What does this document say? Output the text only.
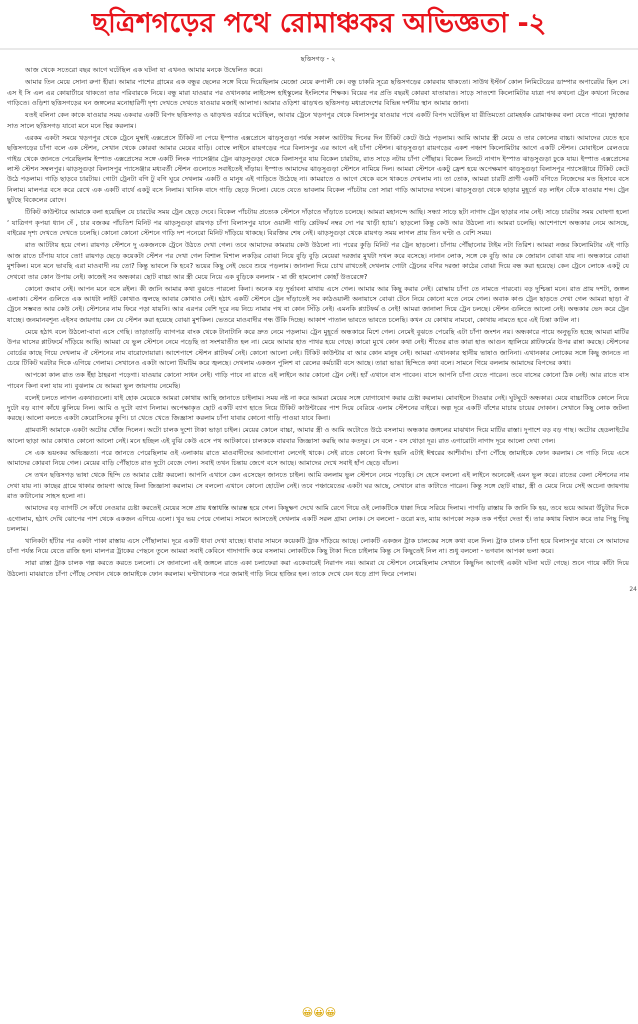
ছত্রিশগড়ের পথে রোমাঞ্চকর অভিজ্ঞতা -২
ছত্তিসগড় - ২

আজ থেকে সতেরো বছর আগে ঘটেছিল এক ঘটনা যা এখনও আমার মনকে উদ্বেলিত করে।

আমার তিন মেয়ে সোনা রুপা হীরা। আমার পাশের গ্রামের এক বন্ধুর ছেলের সঙ্গে বিয়ে দিয়েছিলাম মেজো মেয়ে রুপালী কে। বন্ধু চাকরি সূত্রে ছত্তিসগড়ের কোরবায় থাকতো। সাউথ ইস্টার্ন কোল লিমিটেডের ডাম্পার অপারেটর ছিল সে। এস ই সি এল এর কোয়ার্টারে থাকতো তার পরিবারকে নিয়ে। বন্ধু মারা যাওয়ার পর ওখানকার লাইসেন্স হাইস্কুলের ইংলিশের শিক্ষক। বিয়ের পর প্রতি বছরই কোরবা যাতায়াত। সাড়ে সাতশো কিলোমিটার যাত্রা পথ কখনো ট্রেন কখনো নিজের গাড়িতে। ওড়িশা ছত্তিসগড়ের ঘন জঙ্গলের মনোহারিণী দৃশ্য দেখতে দেখতে যাওয়ার মজাই আলাদা। আমার ওড়িশা ঝাড়খণ্ড ছত্তিসগড় মধ্যপ্রদেশের বিভিন্ন দর্শনীয় স্থান আমার জানা।

যতই বলিনা কেন কাকে যাওয়ার সময় একবার একটি বিপদ ছত্তিসগড় ও ঝাড়খণ্ড বর্ডারে ঘটেছিল, আবার ট্রেনে খড়গপুর থেকে বিলাসপুর যাওয়ার পথে একটি বিপদ ঘটেছিল যা রীতিমতো রোমহর্ষক রোমাঞ্চকর বলা যেতে পারে। দুহাজার সাত সালে ছত্তিসগড় যাবো মনে মনে স্থির করলাম।

এরকম একটা সময়ে খড়গপুর থেকে ট্রেনে মুম্বাই এক্সপ্রেসে টিকিট না পেয়ে ইস্পাত এক্সপ্রেসে ঝাড়সুগুড়া পর্যন্ত সকাল আটটায় দিনের দিন টিকিট কেটে উঠে পড়লাম। আমি আমার স্ত্রী মেয়ে ও তার কোলের বাচ্চা। আমাদের যেতে হবে ছত্তিসগড়ের চাঁপা বলে এক স্টেশন, সেখান থেকে কোরবা আমার মেয়ের বাড়ি। বোম্বে লাইনে রায়গড়ের পরে বিলাসপুর এর আগে এই চাঁপা স্টেশন। ঝাড়সুগুড়া রায়গড়ের একশ পঞ্চাশ কিলোমিটার আগে একটি স্টেশন। মোবাইলে রেলওয়ে গাইড থেকে জানতে পেরেছিলাম ইস্পাত এক্সপ্রেসের সঙ্গে একটি লিংক প্যাসেঞ্জার ট্রেন ঝাড়সুগুড়া থেকে বিলাসপুর যায় বিকেল চারটায়, রাত সাড়ে নটায় চাঁপা পৌঁছায়। বিকেল তিনটে নাগাদ ইস্পাত ঝাড়সুগুড়া ঢুকে যায়। ইস্পাত এক্সপ্রেসের লাস্ট স্টেশন সম্বলপুর। ঝাড়সুগুড়া বিলাসপুর প্যাসেঞ্জার মধ্যবর্তী স্টেশন গুলোতে সবাইতেই দাঁড়ায়। ইস্পাত আমাদের ঝাড়সুগুড়া স্টেশনে নামিয়ে দিল। আমরা স্টেশনে একটু ফ্রেশ হয়ে অপেক্ষমাণ ঝাড়সুগুড়া বিলাসপুর প্যাসেঞ্জারে টিকিট কেটে উঠে পড়লাম। গাড়ি ছাড়বে চারটায়। গোটা ট্রেনটা বগি টু বগি ঘুরে দেখলাম একটি ও মানুষ এই গাড়িতে উঠেছে না। কামরাতে ও আগে থেকে বসে থাকতে দেখলাম না। তা তোক, আমরা চারটি প্রাণী একটি বগিতে নিজেদের মত হিসাবে বসে নিলাম। মালপত্র বসে করে রেখে এক একটি বার্থে একটু বসে নিলাম। খানিক বাদে গাড়ি ছেড়ে দিলো। যেতে যেতে ভাবলাম বিকেল পাঁচটায় তো সারা গাড়ি আমাদের দখলে। ঝাড়সুগুড়া থেকে ছাড়ার মুহূর্তে বড় লাইন বেঁকে যাওয়ার শব্দ। ট্রেন ছুটছে বিকেলের রোদে।

টিকিট কাউন্টারে আমাকে বলা হয়েছিল যে চারটের সময় ট্রেন ছেড়ে দেবে। বিকেল পাঁচটায় প্রত্যেক স্টেশনে দাঁড়াতে দাঁড়াতে চলেছে। আমরা মহানন্দে আছি। সন্ধ্যা সাড়ে ছটা নাগাদ ট্রেন ছাড়ার নাম নেই। সাড়ে চারটার সময় ঘোষণা হলো ‘ যাত্রিগণ কৃপয়া ধ্যান দেঁ , চার বজকর পাঁচতিশ মিনিট পর ঝাড়সুগুড়া রায়গড় চাঁপা বিলাসপুর যানে ওয়ালী গাড়ি প্লেটফর্ম নম্বর দো পর খাড়ী হ্যায়’। ছাড়লো কিন্তু কেউ আর উঠলো না। আমরা চলেছি। আশেপাশে অন্ধকার নেমে আসছে, বাইরের দৃশ্য দেখতে দেখতে চলেছি। কোনো কোনো স্টেশনে গাড়ি দশ পনেরো মিনিট দাঁড়িয়ে থাকছে। বিরক্তির শেষ নেই। ঝাড়সুগুড়া থেকে রায়গড় সময় লাগল প্রায় তিন ঘণ্টা ও বেশি সময়।

রাত আটটায় হয়ে গেল। রায়গড় স্টেশনে দু একজনকে ট্রেনে উঠতে দেখা গেল। তবে আমাদের কামরায় কেউ উঠলো না। পরের কুড়ি মিনিট পর ট্রেন ছাড়লো। চাঁপায় পৌঁছানোর টাইম নটা তিরিশ। আমরা নজর কিলোমিটার এই গাড়ি আজ রাতে চাঁপায় যাবে তো! রায়গড় ছেড়ে কয়েকটা স্টেশন পর দেখা গেল বিশাল বিশাল লকড়ির বোঝা নিয়ে বুড়ি বুড়ি মেয়েরা দরজার মুখটা দখল করে বসেছে। নানান লোক, সঙ্গে কে বুড়ি আর কে জোয়ান বোঝা যায় না। অন্ধকারে বোঝা মুশকিল। মনে মনে ভাবছি এরা মাওবাদী নয় তো? কিন্তু ভাবলে কি হবে? ভয়ের কিছু নেই ভেবে শুয়ে পড়লাম। জানালা দিয়ে চোখ রাখতেই দেখলাম গোটা ট্রেনের বগির দরজা কাঠের বোঝা দিয়ে বন্ধ করা হয়েছে। কেন ট্রেনে লোকে একটু যে দেখবো তার কোন উপায় নেই। কাজেই সব অন্ধকার। ছোট বাচ্চা আর স্ত্রী মেয়ে নিয়ে এক বুড়িকে বললাম - মা জী হামলোগ কোহাঁ উতরেঙ্গে?

কোনো জবাব নেই। আপন মনে বসে রইল। কী জানি আমার কথা বুঝতে পারলো কিনা। অনেক বড় দুর্ভাবনা মাথায় এসে গেল। আমার আর কিছু করার নেই। রোদ্ধায় চাঁপা তে নামতে পারবো। বড় দুশ্চিন্তা মনে। রাত প্রায় দশটা, জঙ্গল এলাকা। স্টেশন গুলিতে এক আধটা লাইট কোথাও জ্বলছে আবার কোথাও নেই। হঠাৎ একটি স্টেশনে ট্রেন দাঁড়াতেই সব কাঠওয়ালী অনায়াসে বোঝা টেনে নিয়ে কোনো মতে নেমে গেল। অবাক কাণ্ড ট্রেন ছাড়তে দেখা গেল আমরা ছাড়া ঐ ট্রেনে সম্ভবত আর কেউ নেই। স্টেশনের নাম ফিরে পড়া যায়নি। আর এরপর বেশি দূরে নয় নিচে নামার পথ বা কোন সিঁড়ি নেই। এমনকি প্ল্যাটফর্ম ও নেই! আমরা জানালা দিয়ে ট্রেন চলছে। স্টেশন গুলিতে আলো নেই। অন্ধকার ভেদ করে ট্রেন যাচ্ছে। জনমানবশূন্য এইসব জায়গায় কেন যে স্টেশন করা হয়েছে বোঝা মুশকিল। ভেতরে মাওবাদীর গন্ধ উঁকি দিচ্ছে। আকাশ পাতাল ভাবতে ভাবতে চলেছি। কখন যে কোথায় নামবো, কোথায় নামতে হবে এই চিন্তা কাটল না।

মেয়ে হঠাৎ বলে উঠলো-বাবা এসে গেছি। তাড়াতাড়ি ব্যাগপত্র বাংক থেকে টানাটানি করে দ্রুত নেমে পড়লাম। ট্রেন মুহূর্তে অন্ধকারে মিশে গেল। নেমেই বুঝতে পেরেছি এটা চাঁপা জংশন নয়। অন্ধকারে পায়ে অনুভূতি হচ্ছে আমরা মাটির উপর ঘাসের প্লাটফর্মে দাঁড়িয়ে আছি। আমরা যে ভুল স্টেশনে নেমে পড়েছি তা সংশয়াতীত হল না। মেয়ে আমার হাত পাথর হয়ে গেছে। কারো মুখে কোন কথা নেই। শীতের রাত কারা হাত আগুন জ্বালিয়ে প্লাটফর্মের উপর রান্না করছে। স্টেশনের বোর্ডের কাছে গিয়ে দেখলাম ঐ স্টেশনের নাম বারোদোয়ারা। আশেপাশে স্টেশন প্লাটফর্ম নেই। কোনো আলো নেই। টিকিট কাউন্টার বা আর কোন মানুষ নেই। আমরা এখানকার স্থানীয় ভাষাও জানিনা। এখানকার লোকের সঙ্গে কিছু জানতে না চেয়ে টিকিট ঘরটার দিকে এগিয়ে গেলাম। সেখানেও একটা আলো টিমটিম করে জ্বলছে। দেখলাম একজন পুলিশ বা রেলের কর্মচারী বসে আছে। তারা ভাঙা হিন্দিতে কথা বলে। সামনে গিয়ে বললাম আমাদের বিপদের কথা।

আপকো কাল রাত তক ইঁহা ঠাহরনা পড়েগা। যাওয়ার কোনো সাধন নেই। গাড়ি পাবে না রাতে এই লাইনে আর কোনো ট্রেন নেই। হ্যাঁ এখানে বাস পাবেন। বাসে আপনি চাঁপা যেতে পারেন। তবে বাসের কোনো ঠিক নেই। আর রাতে বাস পাবেন কিনা বলা যায় না। বুঝলাম যে আমরা ভুল জায়গায় নেমেছি।

বলেই চলতে লাগল একথাগুলো। যাই হোক মেয়েকে আমরা কোথায় আছি জানাতে চাইলাম। সময় নষ্ট না করে আমরা মেয়ের সঙ্গে যোগাযোগ করার চেষ্টা করলাম। মোবাইলে টাওয়ার নেই। ঘুটঘুটে অন্ধকার। মেয়ে বাচ্চাটিকে কোলে নিয়ে দুটো বড় ব্যাগ কাঁধে ঝুলিয়ে নিল। আমি ও দুটো ব্যাগ নিলাম। অপেক্ষাকৃত ছোট একটি ব্যাগ হাতে নিয়ে টিকিট কাউন্টারের পাশ দিয়ে বেরিয়ে এলাম স্টেশনের বাইরে। অল্প দূরে একটি বাঁশের মাচায় চায়ের দোকান। সেখানে কিছু লোক জটলা করছে। আলো বলতে একটা কেরোসিনের কুপি। চা খেতে খেতে জিজ্ঞাসা করলাম চাঁপা যাবার কোনো গাড়ি পাওয়া যাবে কিনা।

গ্রামবাসী আমাকে একটা অটোর খোঁজ দিলেন। অটো চালক দুশো টাকা ভাড়া চাইল। মেয়ের কোলে বাচ্চা, আমার স্ত্রী ও আমি অটোতে উঠে বসলাম। অন্ধকার জঙ্গলের মাঝখান দিয়ে মাটির রাস্তা। দুপাশে বড় বড় গাছ। অটোর হেডলাইটের আলো ছাড়া আর কোথাও কোনো আলো নেই। মনে হচ্ছিল এই বুঝি কেউ এসে পথ আটকাবে। চালককে বারবার জিজ্ঞাসা করছি আর কতদূর। সে বলে - বস থোড়া দূর। রাত এগারোটা নাগাদ দূরে আলো দেখা গেল।

সে এক ভয়ংকর অভিজ্ঞতা। পরে জানতে পেরেছিলাম ওই এলাকায় রাতে মাওবাদীদের আনাগোনা লেগেই থাকে। সেই রাতে কোনো বিপদ হয়নি এটাই ঈশ্বরের আশীর্বাদ। চাঁপা পৌঁছে জামাইকে ফোন করলাম। সে গাড়ি নিয়ে এসে আমাদের কোরবা নিয়ে গেল। মেয়ের বাড়ি পৌঁছাতে রাত দুটো বেজে গেল। সবাই তখন চিন্তায় জেগে বসে আছে। আমাদের দেখে সবাই হাঁপ ছেড়ে বাঁচল।

সে তখন ছত্তিসগড় ভাষা থেকে হিন্দি তে আমার চেষ্টা করলো। আপনি এখানে কেন এসেছেন জানতে চাইল। আমি বললাম ভুল স্টেশনে নেমে পড়েছি। সে হেসে বললো এই লাইনে অনেকেই এমন ভুল করে। রাতের বেলা স্টেশনের নাম দেখা যায় না। কাছের গ্রামে থাকার জায়গা আছে কিনা জিজ্ঞাসা করলাম। সে বললো এখানে কোনো হোটেল নেই। তবে পঞ্চায়েতের একটা ঘর আছে, সেখানে রাত কাটাতে পারেন। কিন্তু সঙ্গে ছোট বাচ্চা, স্ত্রী ও মেয়ে নিয়ে সেই অচেনা জায়গায় রাত কাটানোর সাহস হলো না।

আমাদের বড় ব্যাগটি সে কাঁধে নেওয়ার চেষ্টা করতেই মেয়ের সঙ্গে প্রায় ধস্তাধস্তি আরম্ভ হয়ে গেল। কিছুক্ষণ দেখে আমি রেগে গিয়ে ওই লোকটিকে ধাক্কা দিয়ে সরিয়ে দিলাম। পাগড়ি রাস্তায় কি জানি কি হয়, তবে ভয়ে আমরা উঁচুটার দিকে এগোলাম, হঠাৎ দেখি ঝোপের পাশ থেকে একজন এগিয়ে এলো। খুব ভয় পেয়ে গেলাম। সামনে আসতেই দেখলাম একটি সরল গ্রাম্য লোক। সে বললো - ডরো মত, ম্যায় আপকো সড়ক তক পহুঁচা দেতা হুঁ। তার কথায় বিশ্বাস করে তার পিছু পিছু চললাম।

খানিকটা হাঁটার পর একটা পাকা রাস্তায় এসে পৌঁছালাম। দূরে একটি ধাবা দেখা যাচ্ছে। ধাবার সামনে কয়েকটি ট্রাক দাঁড়িয়ে আছে। লোকটি একজন ট্রাক চালকের সঙ্গে কথা বলে দিল। ট্রাক চালক চাঁপা হয়ে বিলাসপুর যাবে। সে আমাদের চাঁপা পর্যন্ত নিয়ে যেতে রাজি হল। মালপত্র ট্রাকের পেছনে তুলে আমরা সবাই কেবিনে গাদাগাদি করে বসলাম। লোকটিকে কিছু টাকা দিতে চাইলাম কিন্তু সে কিছুতেই নিল না। শুধু বললো - ভগবান আপকা ভলা করে।

সারা রাস্তা ট্রাক চালক গল্প করতে করতে চললো। সে জানালো এই জঙ্গলে রাতে একা চলাফেরা করা একেবারেই নিরাপদ নয়। আমরা যে স্টেশনে নেমেছিলাম সেখানে কিছুদিন আগেই একটা ঘটনা ঘটে গেছে। শুনে গায়ে কাঁটা দিয়ে উঠলো। মাঝরাতে চাঁপা পৌঁছে সেখান থেকে জামাইকে ফোন করলাম। ঘণ্টাখানেক পরে জামাই গাড়ি নিয়ে হাজির হল। তাকে দেখে যেন ধড়ে প্রাণ ফিরে পেলাম।

😀😀😀
24
